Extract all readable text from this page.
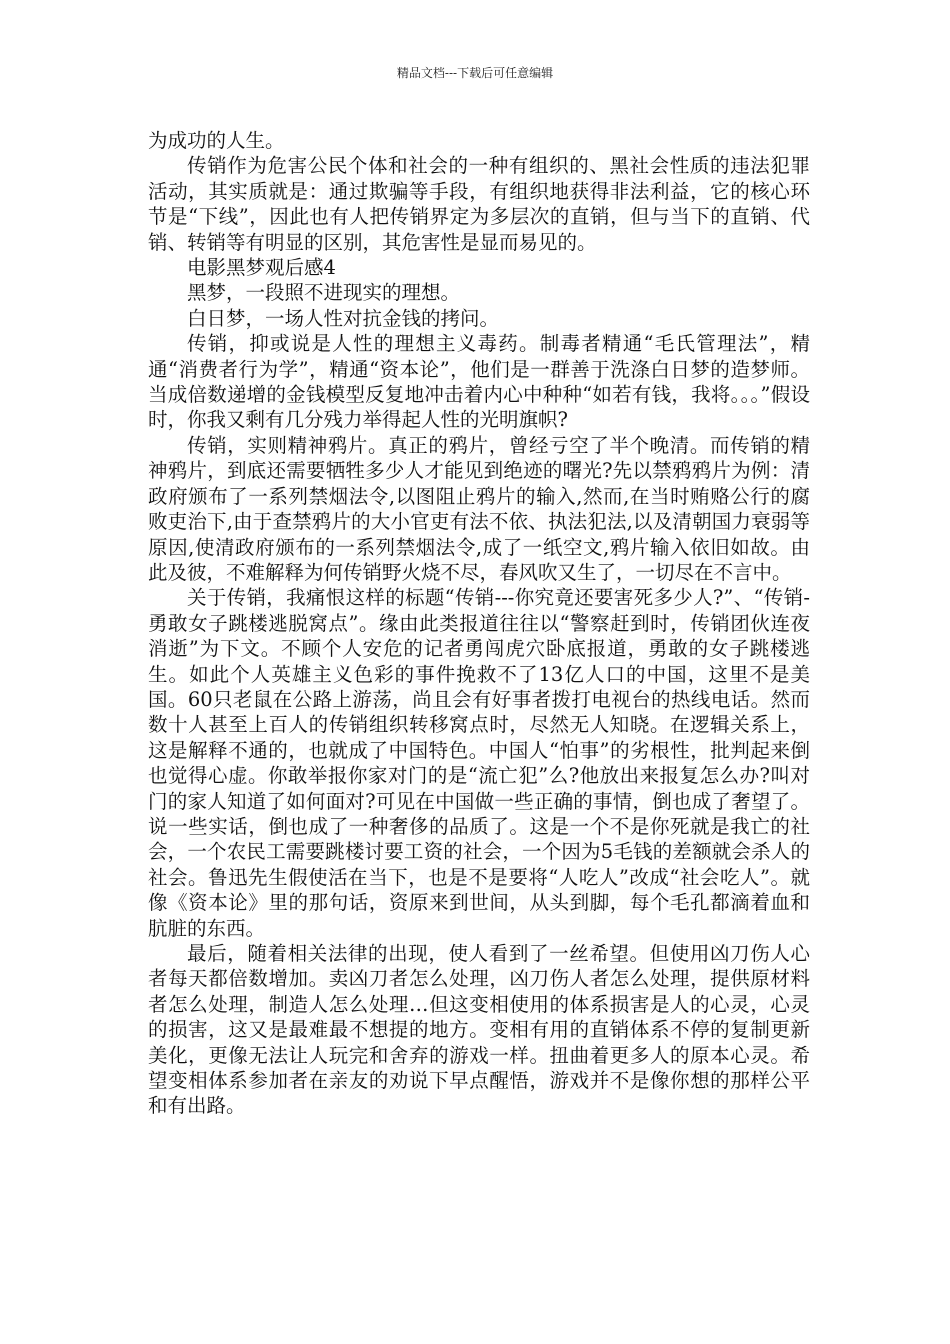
精品文档---下载后可任意编辑

为成功的人生。

传销作为危害公民个体和社会的一种有组织的、黑社会性质的违法犯罪活动，其实质就是：通过欺骗等手段，有组织地获得非法利益，它的核心环节是“下线”，因此也有人把传销界定为多层次的直销，但与当下的直销、代销、转销等有明显的区别，其危害性是显而易见的。

电影黑梦观后感4

黑梦，一段照不进现实的理想。

白日梦，一场人性对抗金钱的拷问。

传销，抑或说是人性的理想主义毒药。制毒者精通“毛氏管理法”，精通“消费者行为学”，精通“资本论”，他们是一群善于洗涤白日梦的造梦师。当成倍数递增的金钱模型反复地冲击着内心中种种“如若有钱，我将。。。”假设时，你我又剩有几分残力举得起人性的光明旗帜?

传销，实则精神鸦片。真正的鸦片，曾经亏空了半个晚清。而传销的精神鸦片，到底还需要牺牲多少人才能见到绝迹的曙光?先以禁鸦鸦片为例：清政府颁布了一系列禁烟法令,以图阻止鸦片的输入,然而,在当时贿赂公行的腐败吏治下,由于查禁鸦片的大小官吏有法不依、执法犯法,以及清朝国力衰弱等原因,使清政府颁布的一系列禁烟法令,成了一纸空文,鸦片输入依旧如故。由此及彼，不难解释为何传销野火烧不尽，春风吹又生了，一切尽在不言中。

关于传销，我痛恨这样的标题“传销---你究竟还要害死多少人?”、“传销-勇敢女子跳楼逃脱窝点”。缘由此类报道往往以“警察赶到时，传销团伙连夜消逝”为下文。不顾个人安危的记者勇闯虎穴卧底报道，勇敢的女子跳楼逃生。如此个人英雄主义色彩的事件挽救不了13亿人口的中国，这里不是美国。60只老鼠在公路上游荡，尚且会有好事者拨打电视台的热线电话。然而数十人甚至上百人的传销组织转移窝点时，尽然无人知晓。在逻辑关系上，这是解释不通的，也就成了中国特色。中国人“怕事”的劣根性，批判起来倒也觉得心虚。你敢举报你家对门的是“流亡犯”么?他放出来报复怎么办?叫对门的家人知道了如何面对?可见在中国做一些正确的事情，倒也成了奢望了。说一些实话，倒也成了一种奢侈的品质了。这是一个不是你死就是我亡的社会，一个农民工需要跳楼讨要工资的社会，一个因为5毛钱的差额就会杀人的社会。鲁迅先生假使活在当下，也是不是要将“人吃人”改成“社会吃人”。就像《资本论》里的那句话，资原来到世间，从头到脚，每个毛孔都滴着血和肮脏的东西。

最后，随着相关法律的出现，使人看到了一丝希望。但使用凶刀伤人心者每天都倍数增加。卖凶刀者怎么处理，凶刀伤人者怎么处理，提供原材料者怎么处理，制造人怎么处理…但这变相使用的体系损害是人的心灵，心灵的损害，这又是最难最不想提的地方。变相有用的直销体系不停的复制更新美化，更像无法让人玩完和舍弃的游戏一样。扭曲着更多人的原本心灵。希望变相体系参加者在亲友的劝说下早点醒悟，游戏并不是像你想的那样公平和有出路。
